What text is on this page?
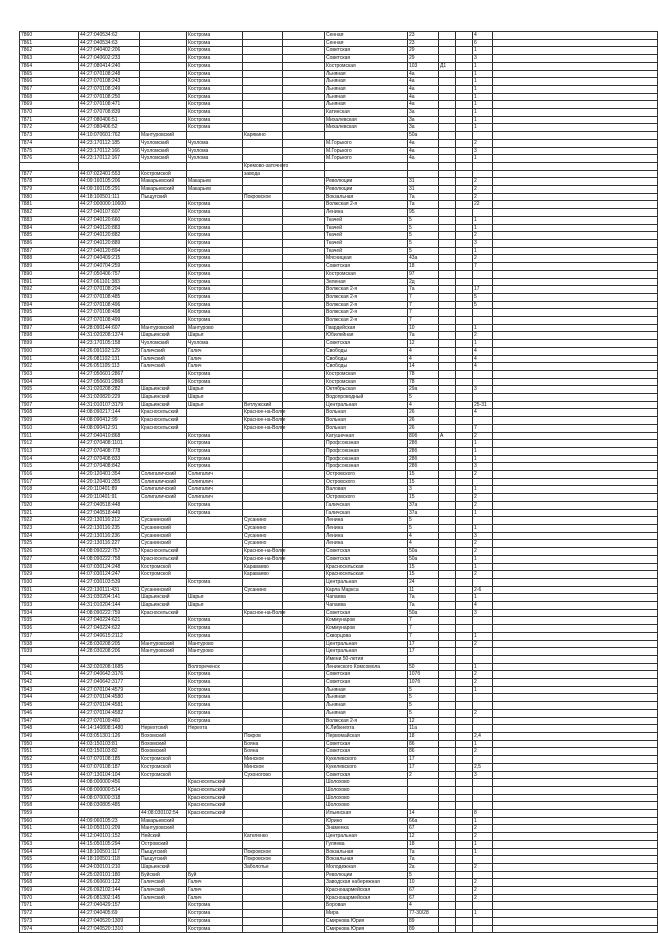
7860	44:27:040534:62		Кострома			Сенная	23			4	
7861	44:27:040534:63		Кострома			Сенная	23			6	
7862	44:27:040402:206		Кострома			Советская	29			1	
7863	44:27:040602:233		Кострома			Советская	29			3	
7864	44:27:080414:240		Кострома			Костромская	103	Д1		1	
7865	44:27:070108:248		Кострома			Льняная	4а			1	
7866	44:27:070108:243		Кострома			Льняная	4а			1	
7867	44:27:070108:249		Кострома			Льняная	4а			1	
7868	44:27:070108:250		Кострома			Льняная	4а			1	
7869	44:27:070108:471		Кострома			Льняная	4а			1	
7870	44:27:070708:839		Кострома			Катинская	3а			1	
7871	44:27:080406:51		Кострома			Михалевская	3а			1	
7872	44:27:080406:52		Кострома			Михалевская	3а			1	
7873	44:10:070601:762	Мантуровский		Карякино			50а				
7874	44:23:170112:185	Чухломский	Чухлома			М.Горького	4а			2	
7875	44:23:170112:166	Чухломский	Чухлома			М.Горького	4а			3	
7876	44:23:170112:167	Чухломский	Чухлома			М.Горького	4а			1	
				Кремово-заточного							
7877	44:07:022401:553	Костромской		завода							
7878	44:09:160105:206	Макарьевский	Макарьев			Революции	31			2	
7879	44:09:160105:291	Макарьевский	Макарьев			Революции	31			2	
7880	44:18:100501:111	Пыщугский		Покровское		Вокзальная	7а			2	
7881	44:27:000000:10600		Кострома			Волжская 2-я	7а			22	
7882	44:27:040107:607		Кострома			Ленина	95				
7883	44:27:040120:660		Кострома			Ткачей	5			1	
7884	44:27:040120:883		Кострома			Ткачей	5			1	
7885	44:27:040120:882		Кострома			Ткачей	5			2	
7886	44:27:040120:889		Кострома			Ткачей	5			3	
7887	44:27:040120:894		Кострома			Ткачей	5			1	
7888	44:27:040409:215		Кострома			Мясницкая	43а			2	
7889	44:27:040704:259		Кострома			Советская	18			7	
7890	44:27:050406:757		Кострома			Костромская	97				
7891	44:27:061101:383		Кострома			Зеленая	2д				
7892	44:27:070108:204		Кострома			Волжская 2-я	7а			17	
7893	44:27:070108:485		Кострома			Волжская 2-я	7			5	
7894	44:27:070108:496		Кострома			Волжская 2-я	7			5	
7895	44:27:070108:498		Кострома			Волжская 2-я	7				
7896	44:27:070108:499		Кострома			Волжская 2-я	7				
7897	44:28:090144:607	Мантуровский	Мантурово			Гвардейская	10			1	
7898	44:31:020208:1374	Шарьинский	Шарья			Юбилейная	7а			2	
7899	44:23:170105:158	Чухломский	Чухлома			Советская	12			1	
7900	44:26:091102:129	Галичский	Галич			Свободы	4			4	
7901	44:26:081102:131	Галичский	Галич			Свободы	4			4	
7902	44:26:051105:113	Галичский	Галич			Свободы	14			4	
7903	44:27:050601:2867		Кострома			Костромская	78				
7904	44:27:050601:2868		Кострома			Костромская	78				
7905	44:31:020208:282	Шарьинский	Шарья			Октябрьская	29а			3	
7906	44:31:020820:229	Шарьинский	Шарья			Водопроводный	5				
7907	44:31:010107:3179	Шарьинский	Шарья	Ветлужский		Центральная	4			25-31	
7908	44:08:090217:144	Красносельский		Красное-на-Волге		Вольная	26			4	
7909	44:08:090412:99	Красносельский		Красное-на-Волге		Вольная	26				
7910	44:08:090412:91	Красносельский		Красное-на-Волге		Вольная	26			7	
7911	44:27:040410:868		Кострома			Катушечная	80б	А		2	
7912	44:27:070408:1101		Кострома			Профсоюзная	28б			1	
7913	44:27:070408:778		Кострома			Профсоюзная	28б			1	
7914	44:27:070408:833		Кострома			Профсоюзная	28б			1	
7915	44:27:070408:842		Кострома			Профсоюзная	28б			3	
7916	44:20:120401:354	Солигаличский	Солигалич			Островского	15			2	
7917	44:20:120401:355	Солигаличский	Солигалич			Островского	15				
7918	44:20:110401:89	Солигаличский	Солигалич			Валовая	3			1	
7919	44:20:110401:91	Солигаличский	Солигалич			Островского	15			2	
7920	44:27:040518:448		Кострома			Галичская	37а			2	
7921	44:27:040518:449		Кострома			Галичская	37а			1	
7922	44:22:130116:212	Сусанинский		Сусанино		Ленина	5				
7923	44:22:130116:235	Сусанинский		Сусанино		Ленина	5			1	
7924	44:22:130116:236	Сусанинский		Сусанино		Ленина	4			3	
7925	44:22:130116:227	Сусанинский		Сусанино		Ленина	4			2	
7926	44:08:090222:757	Красносельский		Красное-на-Волге		Советская	50а			2	
7927	44:08:090222:758	Красносельский		Красное-на-Волге		Советская	50а			1	
7928	44:07:030124:248	Костромской		Караваево		Красносельская	15			1	
7929	44:07:030124:247	Костромской		Караваево		Красносельская	15			2	
7930	44:27:030103:539		Кострома			Центральная	24				
7931	44:22:130111:431	Сусанинский		Сусанино		Карла Маркса	11			2-6	
7932	44:31:030204:141	Шарьинский	Шарья			Чапаева	7а			1	
7933	44:31:010204:144	Шарьинский	Шарья			Чапаева	7а			4	
7934	44:08:090222:759	Красносельский		Красное-на-Волге		Советская	50а			3	
7935	44:27:040224:621		Кострома			Коммунаров	7				
7936	44:27:040224:622		Кострома			Коммунаров	7				
7937	44:27:040615:2112		Кострома			Скворцова	7			1	
7938	44:28:030208:205	Мантуровский	Мантурово			Центральная	17			2	
7939	44:28:030208:206	Мантуровский	Мантурово			Центральная	17				
						Имени 50-летия					
7940	44:32:020208:1685		Волгореченск			Ленинского Комсомола	50			1	
7941	44:27:040642:3176		Кострома			Советская	107б			2	
7942	44:27:040642:3177		Кострома			Советская	107б			2	
7943	44:27:070104:4579		Кострома			Льняная	5			1	
7944	44:27:070104:4580		Кострома			Льняная	5				
7945	44:27:070104:4581		Кострома			Льняная	5				
7946	44:27:070104:4582		Кострома			Льняная	5			2	
7947	44:27:070109:460		Кострома			Волжская 2-я	12				
7948	44:14:140808:1480	Нерехтский	Нерехта			К.Либкнехта	11а				
7949	44:03:051301:126	Вохомский		Покров		Первомайская	18			2,4	
7950	44:03:150103:81	Вохомский		Бояна		Советская	86			1	
7951	44:03:150103:82	Вохомский		Бояна		Советская	86			2	
7952	44:07:070108:185	Костромской		Минское		Кукелевского	17				
7953	44:07:070108:187	Костромской		Минское		Кукелевского	17			2,5	
7954	44:07:130104:104	Костромской		Сухоногово		Советская	2			3	
7955	44:08:000000:456		Красносельский			Шолохово					
7956	44:08:000000:514		Красносельский			Шолохово					
7957	44:08:070000:318		Красносельский			Шолохово					
7958	44:08:030805:485		Красносельский			Шолохово					
7959		44:08:030102:54	Красносельский			Ильинская	14			8	
7960	44:09:060105:23	Макарьевский				Юрино	66а			1	
7961	44:10:050101:209	Мантуровский				Знаменка	67			2	
7962	44:12:040101:152	Нейский		Кателенко		Центральная	12			2	
7963	44:15:050105:294	Островский				Гуляева	18			1	
7964	44:18:100501:117	Пыщугский		Покровское		Вокзальная	7а			1	
7965	44:18:100501:118	Пыщугский		Покровское		Вокзальная	7а				
7966	44:24:030101:210	Шарьинский		Заболотье		Молодежная	2а			2	
7967	44:25:020101:180	Буйский	Буй			Революции	5				
7968	44:26:060601:122	Галичский	Галич			Заводская набережная	10			2	
7969	44:26:092102:144	Галичский	Галич			Красноаармейская	67			2	
7970	44:26:081302:145	Галичский	Галич			Красноаармейская	67			2	
7971	44:27:040429:157		Кострома			Боровая	4				
7972	44:27:040405:69		Кострома			Мира	77-30/28			1	
7973	44:27:040520:1309		Кострома			Смирнова Юрия	89				
7974	44:27:040520:1310		Кострома			Смирнова Юрия	89				
